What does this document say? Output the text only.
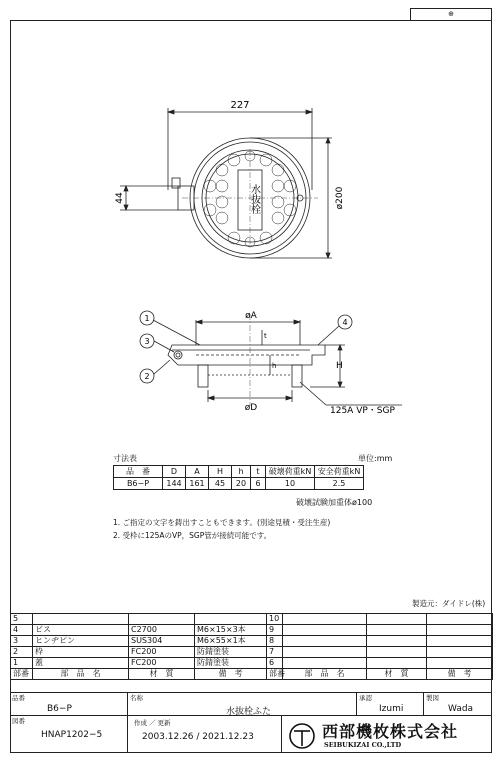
⊕
227
44	ø200
水抜栓
øA
øD
H
t
h
125A VP・SGP
1
2
3
4
寸法表	単位:mm
品　番	D	A	H	h	t	破壊荷重kN	安全荷重kN
B6−P	144	161	45	20	6	10	2.5
破壊試験加重体ø100
1. ご指定の文字を鋳出すこともできます。(別途見積・受注生産)
2. 受枠に125AのVP，SGP管が接続可能です。
製造元：ダイドレ(株)
5				10			
4	ビス	C2700	M6×15×3本	9			
3	ヒンヂピン	SUS304	M6×55×1本	8			
2	枠	FC200	防錆塗装	7			
1	蓋	FC200	防錆塗装	6			
部番	部　品　名	材　質	備　考	部番	部　品　名	材　質	備　考
品番
B6−P
名称
水抜栓ふた
承認
Izumi
製図
Wada
図番
HNAP1202−5
作成 ／ 更新
2003.12.26 / 2021.12.23	西部機枚株式会社
SEIBUKIZAI CO.,LTD
